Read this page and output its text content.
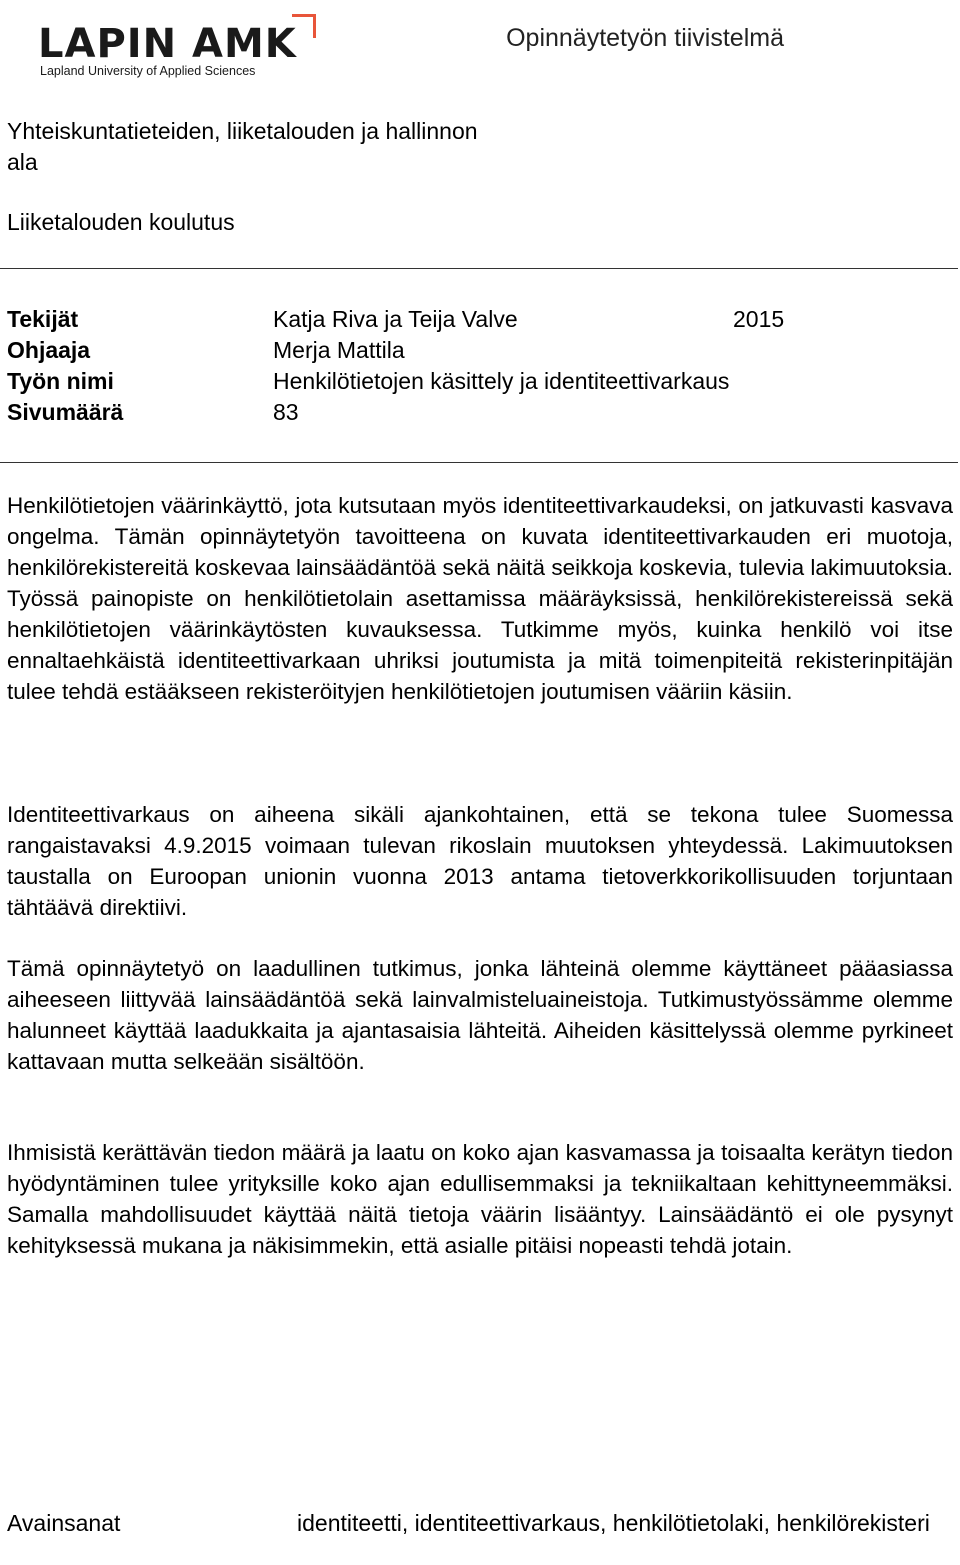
LAPIN AMK
Lapland University of Applied Sciences
Opinnäytetyön tiivistelmä
Yhteiskuntatieteiden, liiketalouden ja hallinnon ala
Liiketalouden koulutus
Tekijät	Katja Riva ja Teija Valve	2015
Ohjaaja	Merja Mattila
Työn nimi	Henkilötietojen käsittely ja identiteettivarkaus
Sivumäärä	83

Henkilötietojen väärinkäyttö, jota kutsutaan myös identiteettivarkaudeksi, on jatkuvasti kasvava ongelma. Tämän opinnäytetyön tavoitteena on kuvata identiteettivarkauden eri muotoja, henkilörekistereitä koskevaa lainsäädäntöä sekä näitä seikkoja koskevia, tulevia lakimuutoksia. Työssä painopiste on henkilötietolain asettamissa määräyksissä, henkilörekistereissä sekä henkilötietojen väärinkäytösten kuvauksessa. Tutkimme myös, kuinka henkilö voi itse ennaltaehkäistä identiteettivarkaan uhriksi joutumista ja mitä toimenpiteitä rekisterinpitäjän tulee tehdä estääkseen rekisteröityjen henkilötietojen joutumisen vääriin käsiin.

Identiteettivarkaus on aiheena sikäli ajankohtainen, että se tekona tulee Suomessa rangaistavaksi 4.9.2015 voimaan tulevan rikoslain muutoksen yhteydessä. Lakimuutoksen taustalla on Euroopan unionin vuonna 2013 antama tietoverkkorikollisuuden torjuntaan tähtäävä direktiivi.

Tämä opinnäytetyö on laadullinen tutkimus, jonka lähteinä olemme käyttäneet pääasiassa aiheeseen liittyvää lainsäädäntöä sekä lainvalmisteluaineistoja. Tutkimustyössämme olemme halunneet käyttää laadukkaita ja ajantasaisia lähteitä. Aiheiden käsittelyssä olemme pyrkineet kattavaan mutta selkeään sisältöön.

Ihmisistä kerättävän tiedon määrä ja laatu on koko ajan kasvamassa ja toisaalta kerätyn tiedon hyödyntäminen tulee yrityksille koko ajan edullisemmaksi ja tekniikaltaan kehittyneemmäksi. Samalla mahdollisuudet käyttää näitä tietoja väärin lisääntyy. Lainsäädäntö ei ole pysynyt kehityksessä mukana ja näkisimmekin, että asialle pitäisi nopeasti tehdä jotain.

Avainsanat	identiteetti, identiteettivarkaus, henkilötietolaki, henkilörekisteri
